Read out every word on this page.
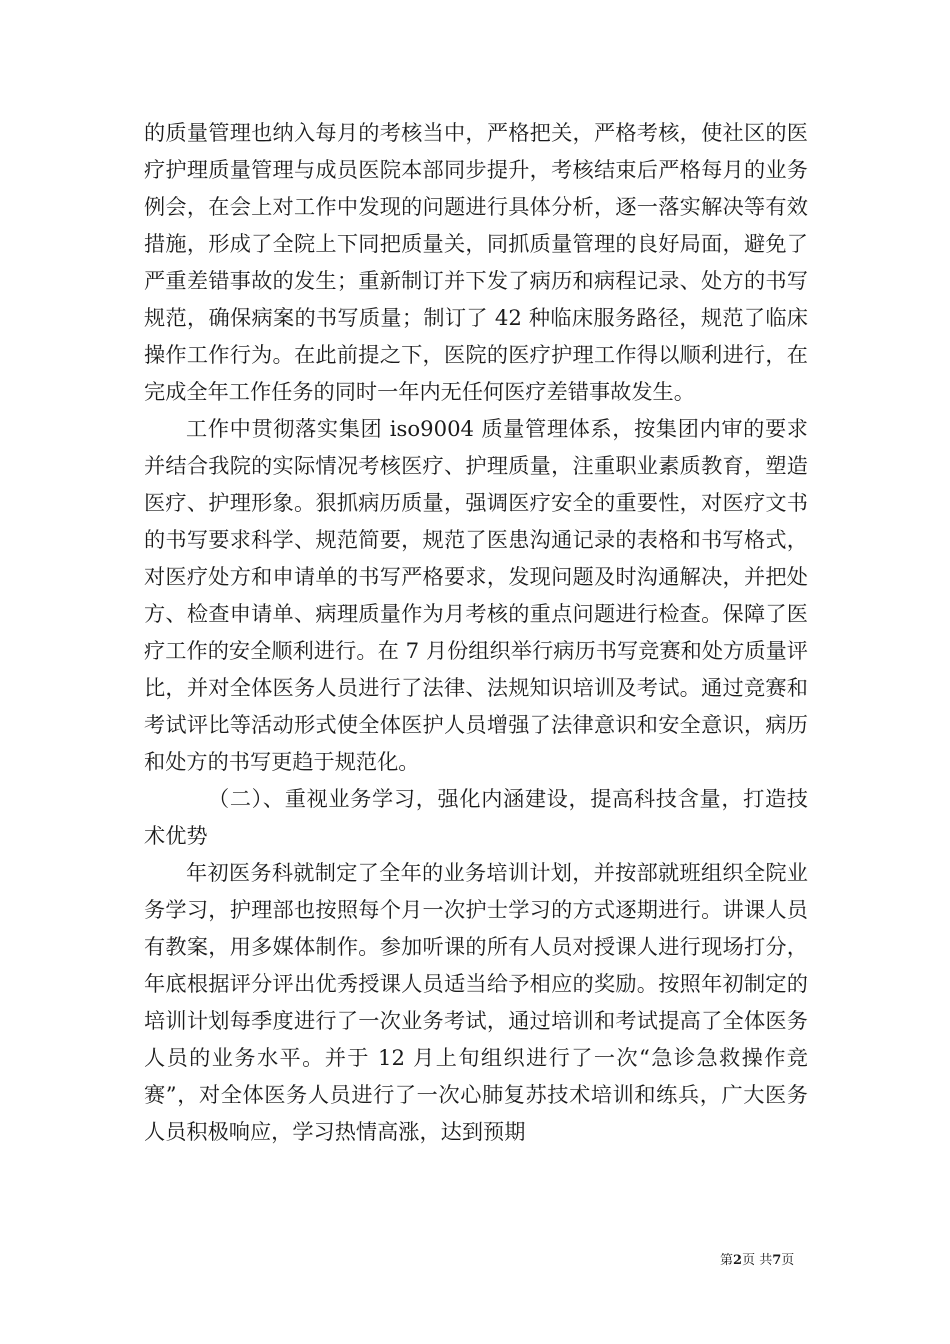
的质量管理也纳入每月的考核当中，严格把关，严格考核，使社区的医疗护理质量管理与成员医院本部同步提升，考核结束后严格每月的业务例会，在会上对工作中发现的问题进行具体分析，逐一落实解决等有效措施，形成了全院上下同把质量关，同抓质量管理的良好局面，避免了严重差错事故的发生；重新制订并下发了病历和病程记录、处方的书写规范，确保病案的书写质量；制订了 42 种临床服务路径，规范了临床操作工作行为。在此前提之下，医院的医疗护理工作得以顺利进行，在完成全年工作任务的同时一年内无任何医疗差错事故发生。

工作中贯彻落实集团 iso9004 质量管理体系，按集团内审的要求并结合我院的实际情况考核医疗、护理质量，注重职业素质教育，塑造医疗、护理形象。狠抓病历质量，强调医疗安全的重要性，对医疗文书的书写要求科学、规范简要，规范了医患沟通记录的表格和书写格式，对医疗处方和申请单的书写严格要求，发现问题及时沟通解决，并把处方、检查申请单、病理质量作为月考核的重点问题进行检查。保障了医疗工作的安全顺利进行。在 7 月份组织举行病历书写竞赛和处方质量评比，并对全体医务人员进行了法律、法规知识培训及考试。通过竞赛和考试评比等活动形式使全体医护人员增强了法律意识和安全意识，病历和处方的书写更趋于规范化。

（二）、重视业务学习，强化内涵建设，提高科技含量，打造技术优势

年初医务科就制定了全年的业务培训计划，并按部就班组织全院业务学习，护理部也按照每个月一次护士学习的方式逐期进行。讲课人员有教案，用多媒体制作。参加听课的所有人员对授课人进行现场打分，年底根据评分评出优秀授课人员适当给予相应的奖励。按照年初制定的培训计划每季度进行了一次业务考试，通过培训和考试提高了全体医务人员的业务水平。并于 12 月上旬组织进行了一次“急诊急救操作竞赛”，对全体医务人员进行了一次心肺复苏技术培训和练兵，广大医务人员积极响应，学习热情高涨，达到预期

第2页 共7页
